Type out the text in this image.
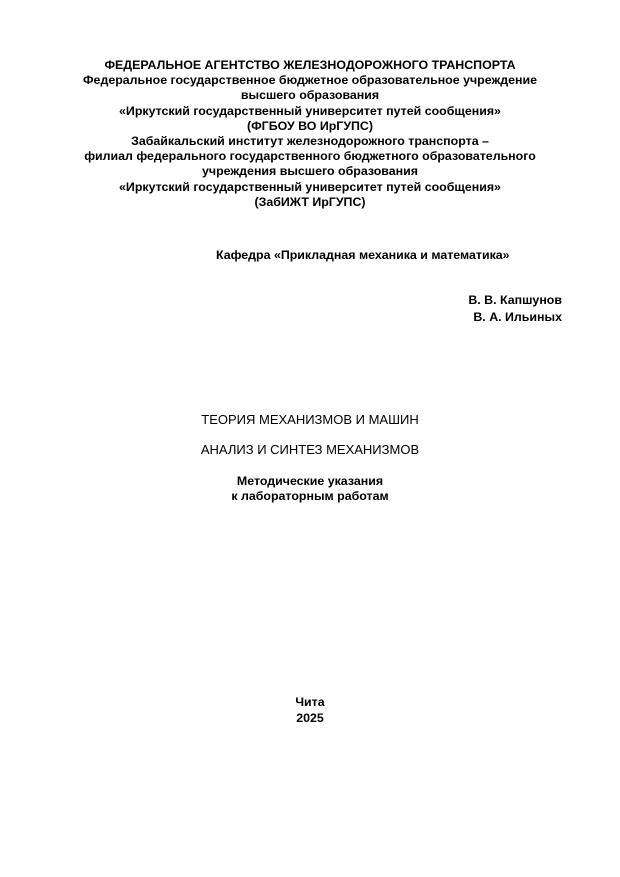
ФЕДЕРАЛЬНОЕ АГЕНТСТВО ЖЕЛЕЗНОДОРОЖНОГО ТРАНСПОРТА
Федеральное государственное бюджетное образовательное учреждение
высшего образования
«Иркутский государственный университет путей сообщения»
(ФГБОУ ВО ИрГУПС)
Забайкальский институт железнодорожного транспорта –
филиал федерального государственного бюджетного образовательного
учреждения высшего образования
«Иркутский государственный университет путей сообщения»
(ЗабИЖТ ИрГУПС)
Кафедра «Прикладная механика и математика»
В. В. Капшунов
В. А. Ильиных
ТЕОРИЯ МЕХАНИЗМОВ И МАШИН
АНАЛИЗ И СИНТЕЗ МЕХАНИЗМОВ
Методические указания
к лабораторным работам
Чита
2025
